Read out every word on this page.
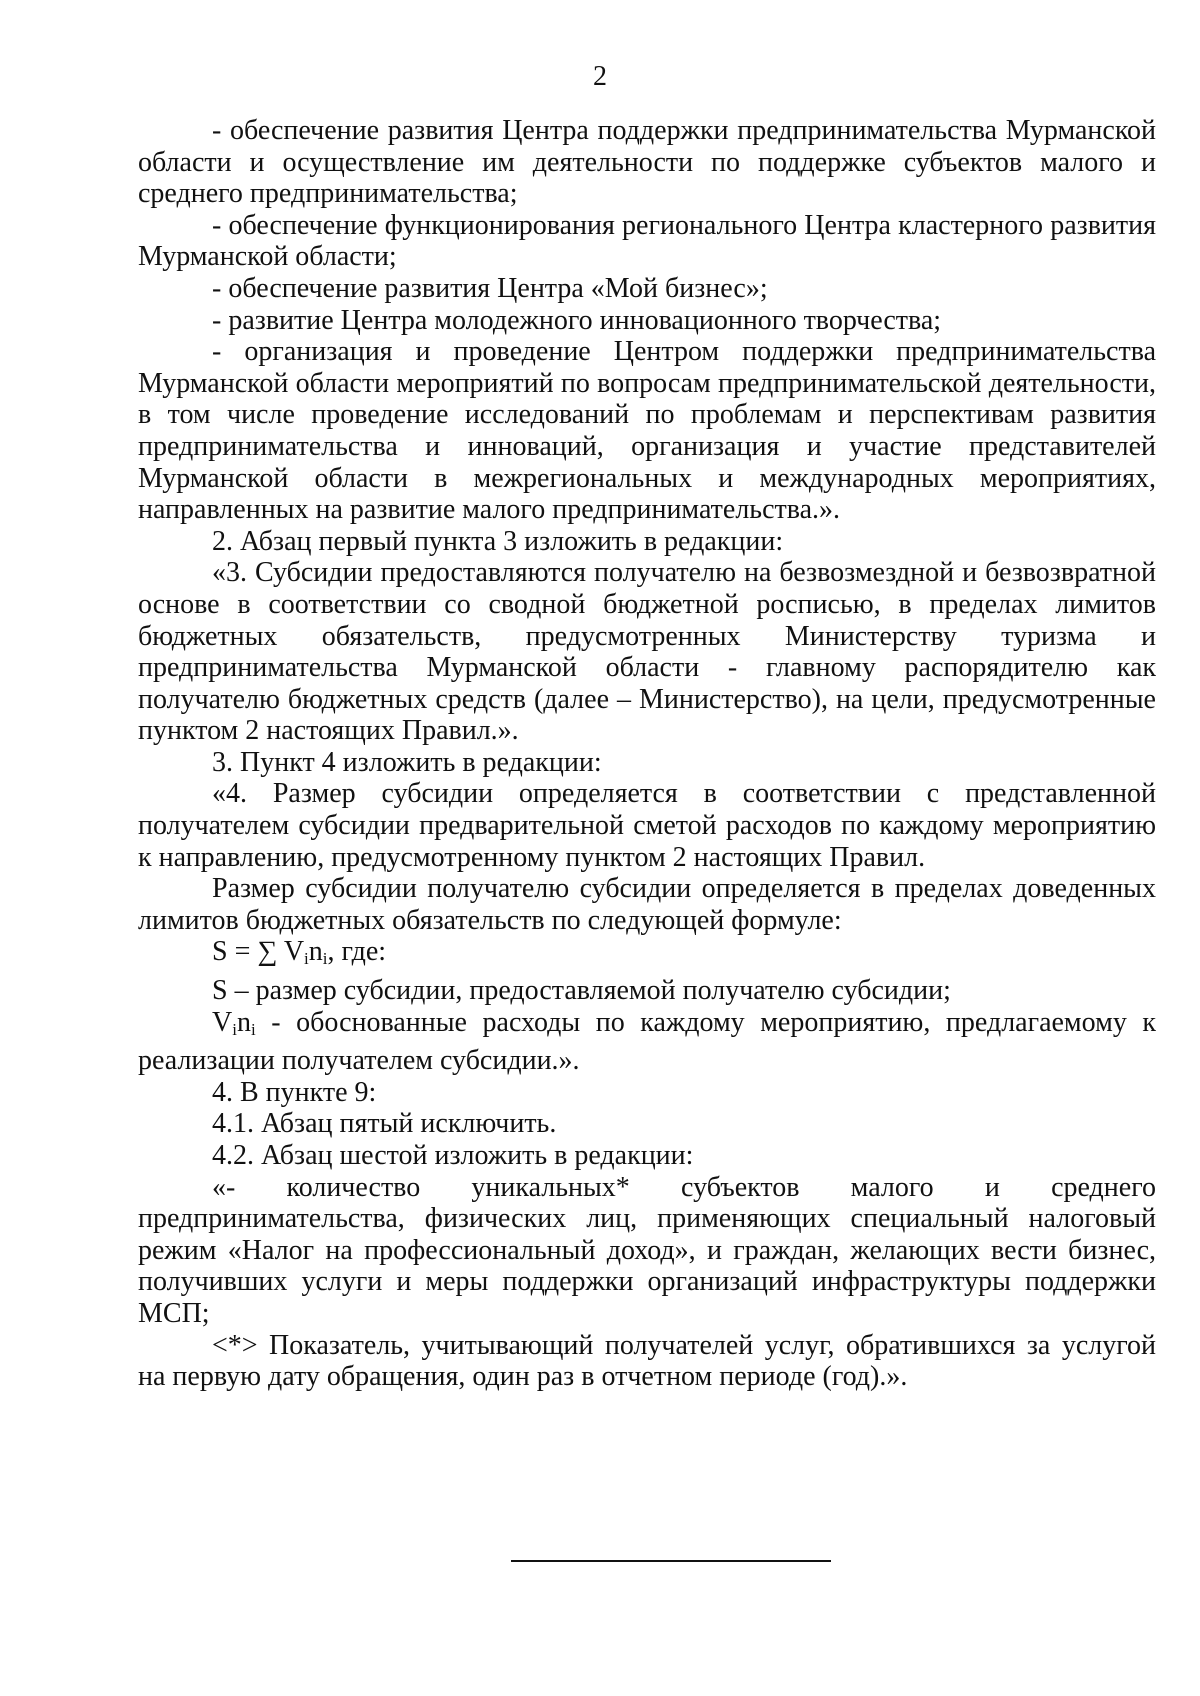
2

- обеспечение развития Центра поддержки предпринимательства Мурманской области и осуществление им деятельности по поддержке субъектов малого и среднего предпринимательства;

- обеспечение функционирования регионального Центра кластерного развития Мурманской области;

- обеспечение развития Центра «Мой бизнес»;

- развитие Центра молодежного инновационного творчества;

- организация и проведение Центром поддержки предпринимательства Мурманской области мероприятий по вопросам предпринимательской деятельности, в том числе проведение исследований по проблемам и перспективам развития предпринимательства и инноваций, организация и участие представителей Мурманской области в межрегиональных и международных мероприятиях, направленных на развитие малого предпринимательства.».

2. Абзац первый пункта 3 изложить в редакции:

«3. Субсидии предоставляются получателю на безвозмездной и безвозвратной основе в соответствии со сводной бюджетной росписью, в пределах лимитов бюджетных обязательств, предусмотренных Министерству туризма и предпринимательства Мурманской области - главному распорядителю как получателю бюджетных средств (далее – Министерство), на цели, предусмотренные пунктом 2 настоящих Правил.».

3. Пункт 4 изложить в редакции:

«4. Размер субсидии определяется в соответствии с представленной получателем субсидии предварительной сметой расходов по каждому мероприятию к направлению, предусмотренному пунктом 2 настоящих Правил.

Размер субсидии получателю субсидии определяется в пределах доведенных лимитов бюджетных обязательств по следующей формуле:

S = ∑ $V_in_i$, где:

S – размер субсидии, предоставляемой получателю субсидии;

$V_in_i$ - обоснованные расходы по каждому мероприятию, предлагаемому к реализации получателем субсидии.».

4. В пункте 9:

4.1. Абзац пятый исключить.

4.2. Абзац шестой изложить в редакции:

«- количество уникальных* субъектов малого и среднего предпринимательства, физических лиц, применяющих специальный налоговый режим «Налог на профессиональный доход», и граждан, желающих вести бизнес, получивших услуги и меры поддержки организаций инфраструктуры поддержки МСП;

<*> Показатель, учитывающий получателей услуг, обратившихся за услугой на первую дату обращения, один раз в отчетном периоде (год).».
